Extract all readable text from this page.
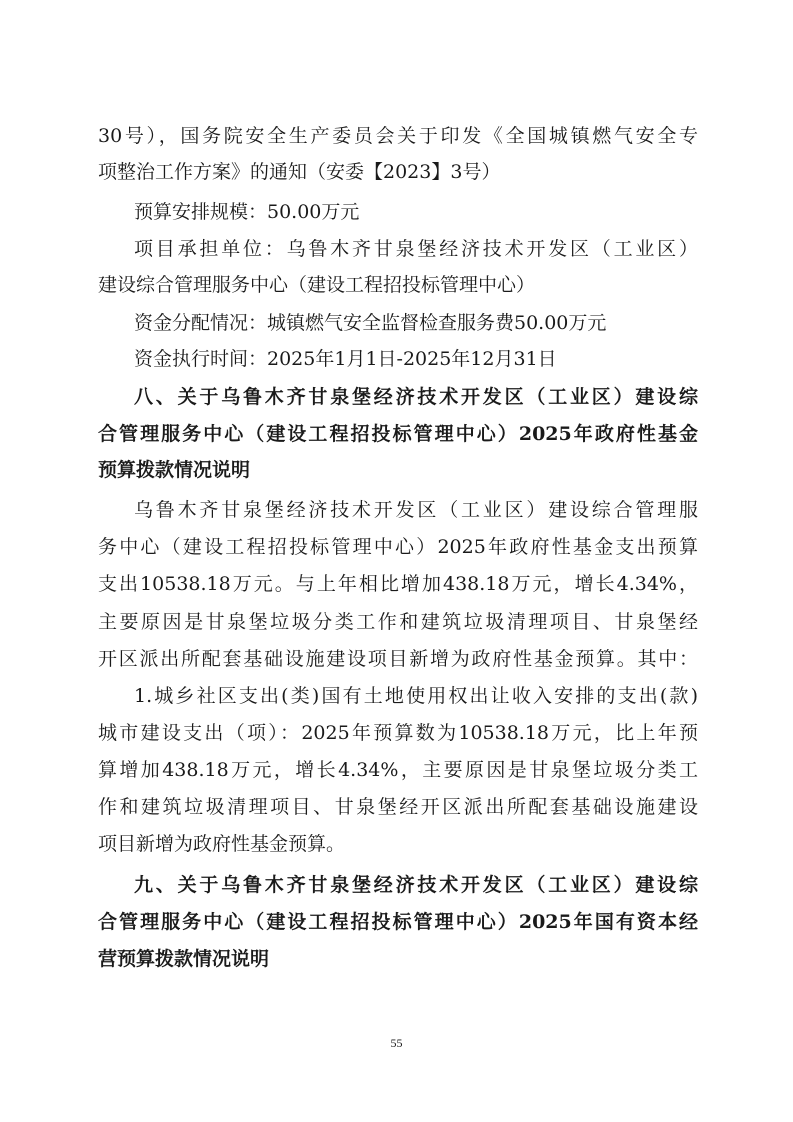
30号），国务院安全生产委员会关于印发《全国城镇燃气安全专
项整治工作方案》的通知（安委【2023】3号）
预算安排规模：50.00万元
项目承担单位：乌鲁木齐甘泉堡经济技术开发区（工业区）
建设综合管理服务中心（建设工程招投标管理中心）
资金分配情况：城镇燃气安全监督检查服务费50.00万元
资金执行时间：2025年1月1日-2025年12月31日
八、关于乌鲁木齐甘泉堡经济技术开发区（工业区）建设综
合管理服务中心（建设工程招投标管理中心）2025年政府性基金
预算拨款情况说明
乌鲁木齐甘泉堡经济技术开发区（工业区）建设综合管理服
务中心（建设工程招投标管理中心）2025年政府性基金支出预算
支出10538.18万元。与上年相比增加438.18万元，增长4.34%，
主要原因是甘泉堡垃圾分类工作和建筑垃圾清理项目、甘泉堡经
开区派出所配套基础设施建设项目新增为政府性基金预算。其中：
1.城乡社区支出(类)国有土地使用权出让收入安排的支出(款)
城市建设支出（项）：2025年预算数为10538.18万元，比上年预
算增加438.18万元，增长4.34%，主要原因是甘泉堡垃圾分类工
作和建筑垃圾清理项目、甘泉堡经开区派出所配套基础设施建设
项目新增为政府性基金预算。
九、关于乌鲁木齐甘泉堡经济技术开发区（工业区）建设综
合管理服务中心（建设工程招投标管理中心）2025年国有资本经
营预算拨款情况说明
55
